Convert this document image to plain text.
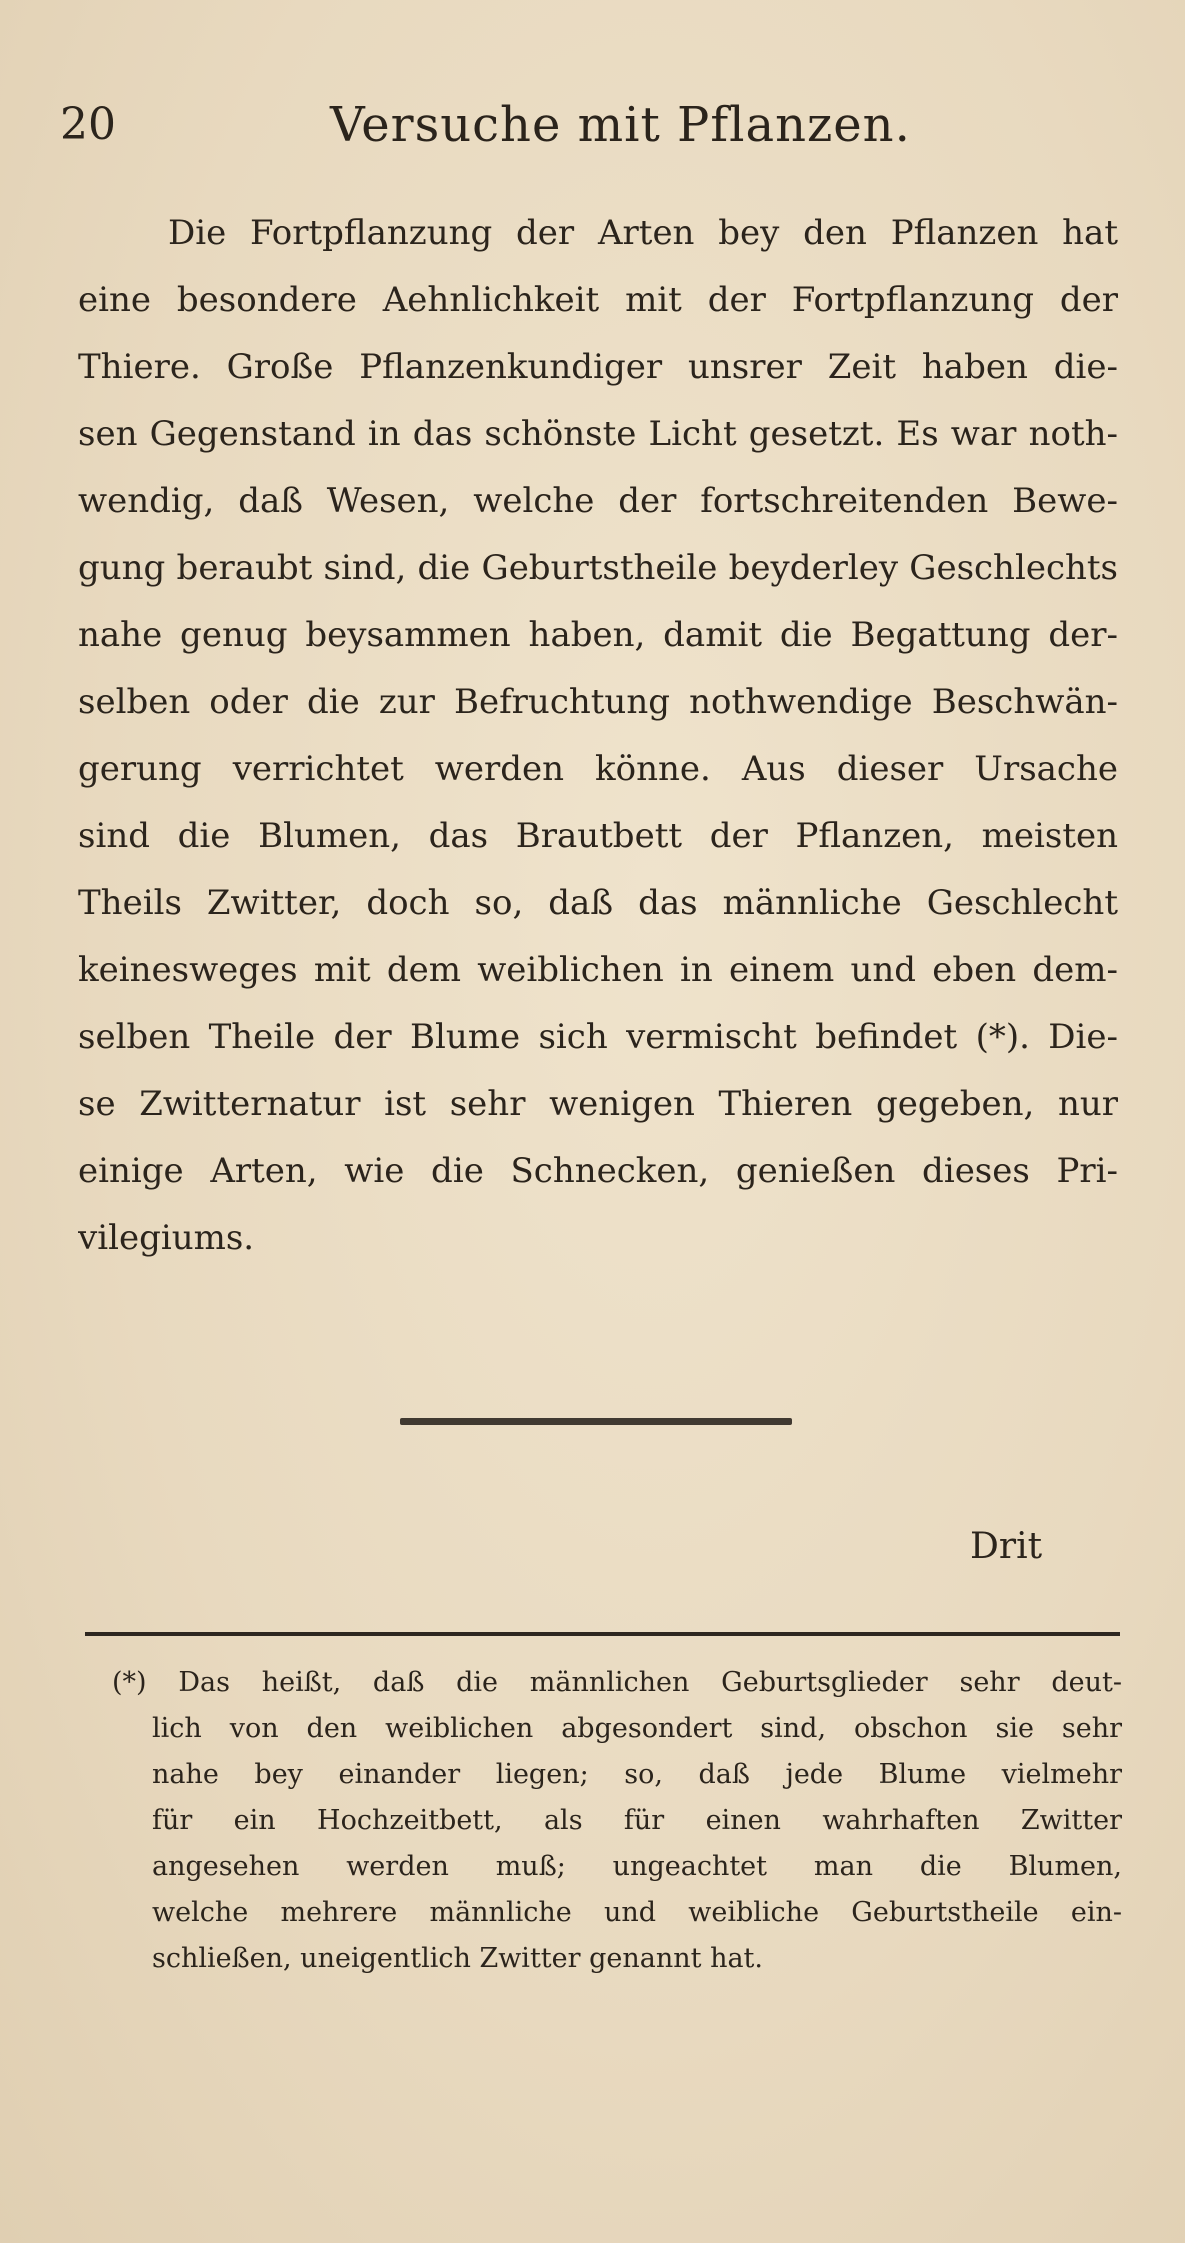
20	Versuche mit Pflanzen.
Die Fortpflanzung der Arten bey den Pflanzen hat
eine besondere Aehnlichkeit mit der Fortpflanzung der
Thiere. Große Pflanzenkundiger unsrer Zeit haben die-
sen Gegenstand in das schönste Licht gesetzt. Es war noth-
wendig, daß Wesen, welche der fortschreitenden Bewe-
gung beraubt sind, die Geburtstheile beyderley Geschlechts
nahe genug beysammen haben, damit die Begattung der-
selben oder die zur Befruchtung nothwendige Beschwän-
gerung verrichtet werden könne. Aus dieser Ursache
sind die Blumen, das Brautbett der Pflanzen, meisten
Theils Zwitter, doch so, daß das männliche Geschlecht
keinesweges mit dem weiblichen in einem und eben dem-
selben Theile der Blume sich vermischt befindet (*). Die-
se Zwitternatur ist sehr wenigen Thieren gegeben, nur
einige Arten, wie die Schnecken, genießen dieses Pri-
vilegiums.
Drit
(*) Das heißt, daß die männlichen Geburtsglieder sehr deut-
lich von den weiblichen abgesondert sind, obschon sie sehr
nahe bey einander liegen; so, daß jede Blume vielmehr
für ein Hochzeitbett, als für einen wahrhaften Zwitter
angesehen werden muß; ungeachtet man die Blumen,
welche mehrere männliche und weibliche Geburtstheile ein-
schließen, uneigentlich Zwitter genannt hat.
